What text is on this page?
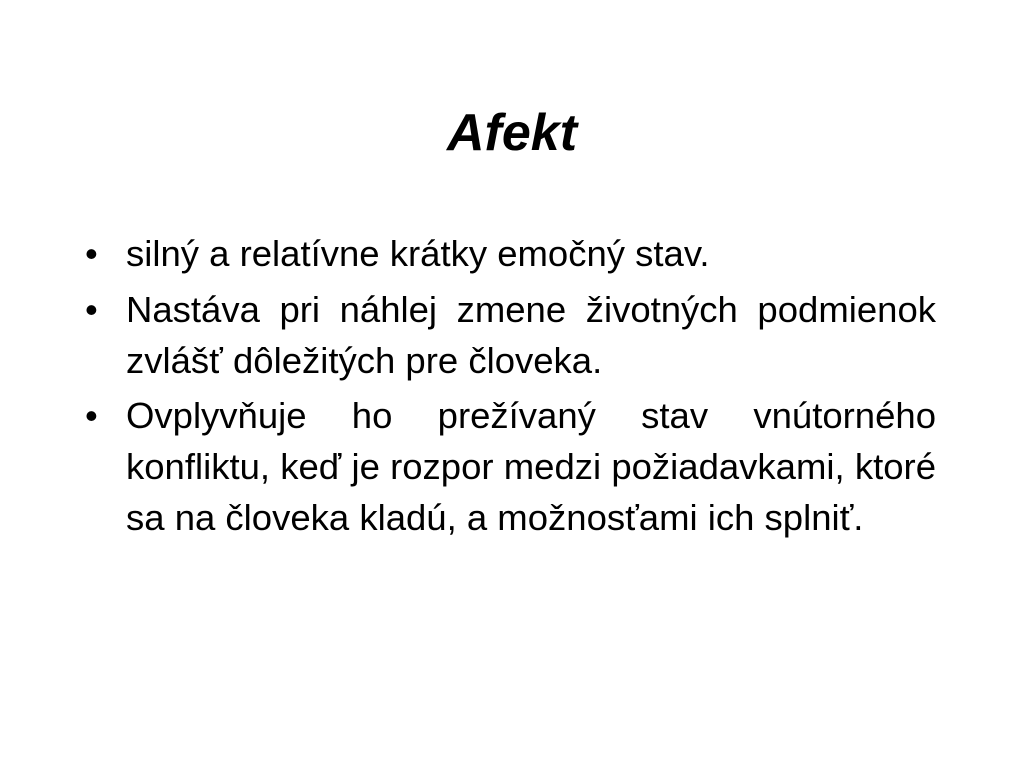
Afekt
• silný a relatívne krátky emočný stav.
• Nastáva pri náhlej zmene životných podmienok zvlášť dôležitých pre človeka.
• Ovplyvňuje ho prežívaný stav vnútorného konfliktu, keď je rozpor medzi požiadavkami, ktoré sa na človeka kladú, a možnosťami ich splniť.
